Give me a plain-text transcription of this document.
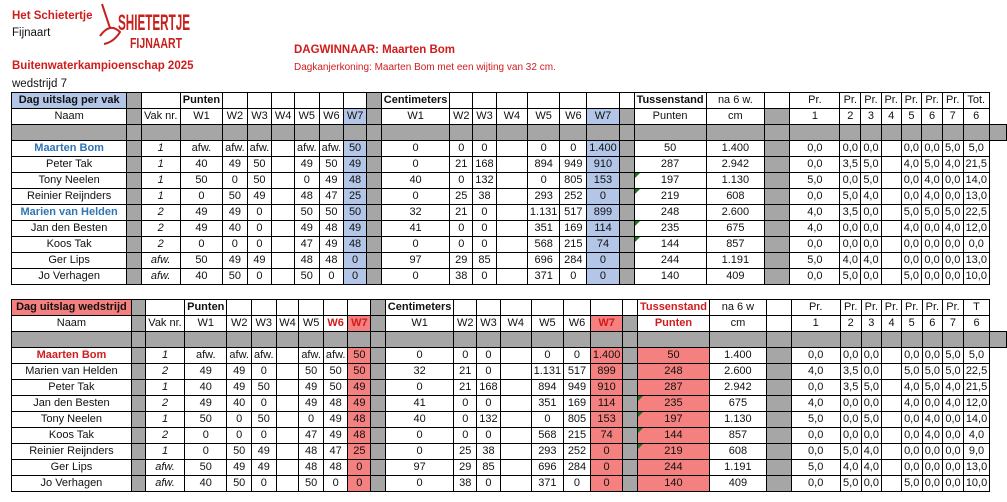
Het Schietertje
Fijnaart	SHIETERTJE
FIJNAART
Buitenwaterkampioenschap 2025
wedstrijd 7
DAGWINNAAR: Maarten Bom
Dagkanjerkoning: Maarten Bom met een wijting van 32 cm.
Dag uitslag per vak			Punten								Centimeters								Tussenstand	na 6 w.		Pr.	Pr.	Pr.	Pr.	Pr.	Pr.	Pr.	Tot.	
Naam		Vak nr.	W1	W2	W3	W4	W5	W6	W7		W1	W2	W3	W4	W5	W6	W7		Punten	cm		1	2	3	4	5	6	7	6	

Maarten Bom		1	afw.	afw.	afw.		afw.	afw.	50		0	0	0		0	0	1.400		50	1.400		0,0	0,0	0,0		0,0	0,0	5,0	5,0	
Peter Tak		1	40	49	50		49	50	49		0	21	168		894	949	910		287	2.942		0,0	3,5	5,0		4,0	5,0	4,0	21,5	
Tony Neelen		1	50	0	50		0	49	48		40	0	132		0	805	153		197	1.130		5,0	0,0	5,0		0,0	4,0	0,0	14,0	
Reinier Reijnders		1	0	50	49		48	47	25		0	25	38		293	252	0		219	608		0,0	5,0	4,0		0,0	4,0	0,0	13,0	
Marien van Helden		2	49	49	0		50	50	50		32	21	0		1.131	517	899		248	2.600		4,0	3,5	0,0		5,0	5,0	5,0	22,5	
Jan den Besten		2	49	40	0		49	48	49		41	0	0		351	169	114		235	675		4,0	0,0	0,0		4,0	0,0	4,0	12,0	
Koos Tak		2	0	0	0		47	49	48		0	0	0		568	215	74		144	857		0,0	0,0	0,0		0,0	0,0	0,0	0,0	
Ger Lips		afw.	50	49	49		48	48	0		97	29	85		696	284	0		244	1.191		5,0	4,0	4,0		0,0	0,0	0,0	13,0	
Jo Verhagen		afw.	40	50	0		50	0	0		0	38	0		371	0	0		140	409		0,0	5,0	0,0		5,0	0,0	0,0	10,0	
Dag uitslag wedstrijd			Punten								Centimeters								Tussenstand	na 6 w		Pr.	Pr.	Pr.	Pr.	Pr.	Pr.	Pr.	T	
Naam		Vak nr.	W1	W2	W3	W4	W5	W6	W7		W1	W2	W3	W4	W5	W6	W7		Punten	cm		1	2	3	4	5	6	7	6	

Maarten Bom		1	afw.	afw.	afw.		afw.	afw.	50		0	0	0		0	0	1.400		50	1.400		0,0	0,0	0,0		0,0	0,0	5,0	5,0	
Marien van Helden		2	49	49	0		50	50	50		32	21	0		1.131	517	899		248	2.600		4,0	3,5	0,0		5,0	5,0	5,0	22,5	
Peter Tak		1	40	49	50		49	50	49		0	21	168		894	949	910		287	2.942		0,0	3,5	5,0		4,0	5,0	4,0	21,5	
Jan den Besten		2	49	40	0		49	48	49		41	0	0		351	169	114		235	675		4,0	0,0	0,0		4,0	0,0	4,0	12,0	
Tony Neelen		1	50	0	50		0	49	48		40	0	132		0	805	153		197	1.130		5,0	0,0	5,0		0,0	4,0	0,0	14,0	
Koos Tak		2	0	0	0		47	49	48		0	0	0		568	215	74		144	857		0,0	0,0	0,0		0,0	4,0	0,0	4,0	
Reinier Reijnders		1	0	50	49		48	47	25		0	25	38		293	252	0		219	608		0,0	5,0	4,0		0,0	0,0	0,0	9,0	
Ger Lips		afw.	50	49	49		48	48	0		97	29	85		696	284	0		244	1.191		5,0	4,0	4,0		0,0	0,0	0,0	13,0	
Jo Verhagen		afw.	40	50	0		50	0	0		0	38	0		371	0	0		140	409		0,0	5,0	0,0		5,0	0,0	0,0	10,0	
